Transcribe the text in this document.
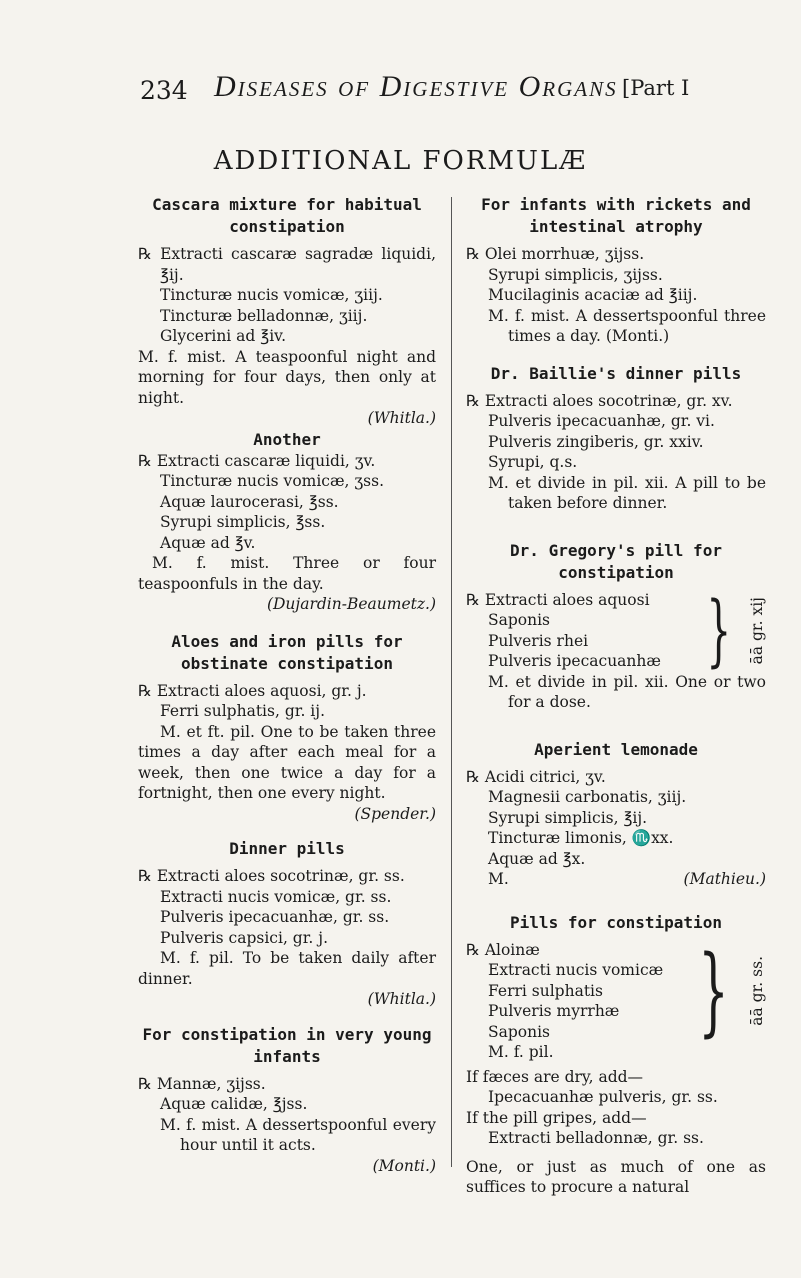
234 Diseases of Digestive Organs [Part I
ADDITIONAL FORMULÆ

Cascara mixture for habitual constipation

℞ Extracti cascaræ sagradæ liquidi, ℥ij.

Tincturæ nucis vomicæ, ʒiij.

Tincturæ belladonnæ, ʒiij.

Glycerini ad ℥iv.

M. f. mist. A teaspoonful night and morning for four days, then only at night.

(Whitla.)

Another

℞ Extracti cascaræ liquidi, ʒv.

Tincturæ nucis vomicæ, ʒss.

Aquæ laurocerasi, ℥ss.

Syrupi simplicis, ℥ss.

Aquæ ad ℥v.

M. f. mist. Three or four teaspoonfuls in the day.

(Dujardin-Beaumetz.)

Aloes and iron pills for obstinate constipation

℞ Extracti aloes aquosi, gr. j.

Ferri sulphatis, gr. ij.

M. et ft. pil. One to be taken three times a day after each meal for a week, then one twice a day for a fortnight, then one every night.

(Spender.)

Dinner pills

℞ Extracti aloes socotrinæ, gr. ss.

Extracti nucis vomicæ, gr. ss.

Pulveris ipecacuanhæ, gr. ss.

Pulveris capsici, gr. j.

M. f. pil. To be taken daily after dinner.

(Whitla.)

For constipation in very young infants

℞ Mannæ, ʒijss.

Aquæ calidæ, ℥jss.

M. f. mist. A dessertspoonful every hour until it acts.

(Monti.)

For infants with rickets and intestinal atrophy

℞ Olei morrhuæ, ʒijss.

Syrupi simplicis, ʒijss.

Mucilaginis acaciæ ad ℥iij.

M. f. mist. A dessertspoonful three times a day. (Monti.)

Dr. Baillie's dinner pills

℞ Extracti aloes socotrinæ, gr. xv.

Pulveris ipecacuanhæ, gr. vi.

Pulveris zingiberis, gr. xxiv.

Syrupi, q.s.

M. et divide in pil. xii. A pill to be taken before dinner.

Dr. Gregory's pill for constipation

℞ Extracti aloes aquosi

Saponis

Pulveris rhei

Pulveris ipecacuanhæ } āā gr. xij

M. et divide in pil. xii. One or two for a dose.

Aperient lemonade

℞ Acidi citrici, ʒv.

Magnesii carbonatis, ʒiij.

Syrupi simplicis, ℥ij.

Tincturæ limonis, ♏xx.

Aquæ ad ℥x.

M.	(Mathieu.)

Pills for constipation

℞ Aloinæ

Extracti nucis vomicæ

Ferri sulphatis

Pulveris myrrhæ

Saponis	} āā gr. ss.

M. f. pil.

If fæces are dry, add—

Ipecacuanhæ pulveris, gr. ss.

If the pill gripes, add—

Extracti belladonnæ, gr. ss.

One, or just as much of one as suffices to procure a natural
